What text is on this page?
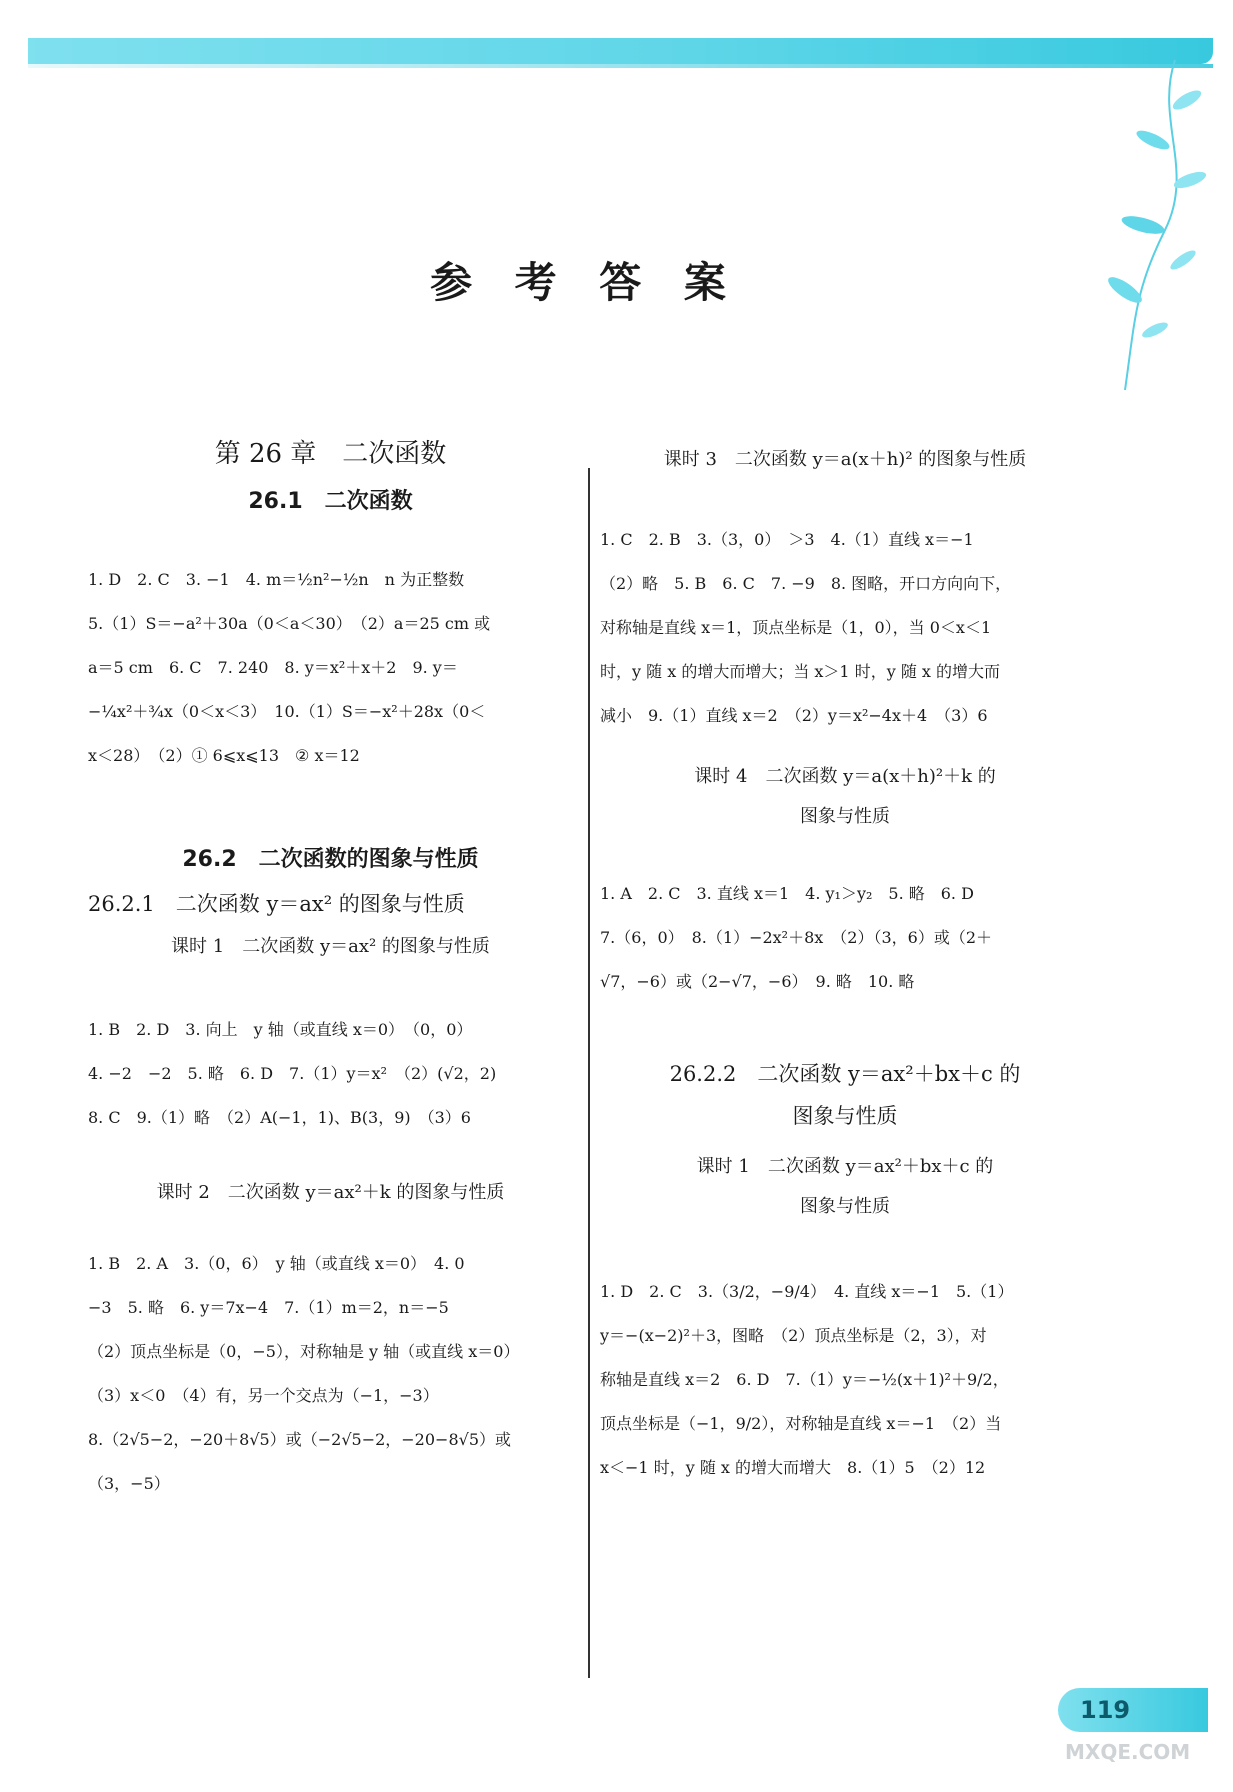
参 考 答 案
第 26 章　二次函数
26.1　二次函数
1. D　2. C　3. −1　4. m＝½n²−½n　n 为正整数
5.（1）S＝−a²＋30a（0＜a＜30）　（2）a＝25 cm 或
a＝5 cm　6. C　7. 240　8. y＝x²＋x＋2　9. y＝
−¼x²＋¾x（0＜x＜3）　10.（1）S＝−x²＋28x（0＜
x＜28）　（2）① 6⩽x⩽13　② x＝12
26.2　二次函数的图象与性质
26.2.1　二次函数 y＝ax² 的图象与性质
课时 1　二次函数 y＝ax² 的图象与性质
1. B　2. D　3. 向上　y 轴（或直线 x＝0）　（0，0）
4. −2　−2　5. 略　6. D　7.（1）y＝x²　（2）(√2，2)
8. C　9.（1）略　（2）A(−1，1)、B(3，9)　（3）6
课时 2　二次函数 y＝ax²＋k 的图象与性质
1. B　2. A　3.（0，6）　y 轴（或直线 x＝0）　4. 0
−3　5. 略　6. y＝7x−4　7.（1）m＝2，n＝−5
（2）顶点坐标是（0，−5），对称轴是 y 轴（或直线 x＝0）
（3）x＜0　（4）有，另一个交点为（−1，−3）
8.（2√5−2，−20＋8√5）或（−2√5−2，−20−8√5）或
（3，−5）
课时 3　二次函数 y＝a(x＋h)² 的图象与性质
1. C　2. B　3.（3，0）　＞3　4.（1）直线 x＝−1
（2）略　5. B　6. C　7. −9　8. 图略，开口方向向下，
对称轴是直线 x＝1，顶点坐标是（1，0），当 0＜x＜1
时，y 随 x 的增大而增大；当 x＞1 时，y 随 x 的增大而
减小　9.（1）直线 x＝2　（2）y＝x²−4x＋4　（3）6
课时 4　二次函数 y＝a(x＋h)²＋k 的
图象与性质
1. A　2. C　3. 直线 x＝1　4. y₁＞y₂　5. 略　6. D
7.（6，0）　8.（1）−2x²＋8x　（2）（3，6）或（2＋
√7，−6）或（2−√7，−6）　9. 略　10. 略
26.2.2　二次函数 y＝ax²＋bx＋c 的
图象与性质
课时 1　二次函数 y＝ax²＋bx＋c 的
图象与性质
1. D　2. C　3.（3/2，−9/4）　4. 直线 x＝−1　5.（1）
y＝−(x−2)²＋3，图略　（2）顶点坐标是（2，3），对
称轴是直线 x＝2　6. D　7.（1）y＝−½(x＋1)²＋9/2，
顶点坐标是（−1，9/2），对称轴是直线 x＝−1　（2）当
x＜−1 时，y 随 x 的增大而增大　8.（1）5　（2）12
119
MXQE.COM
